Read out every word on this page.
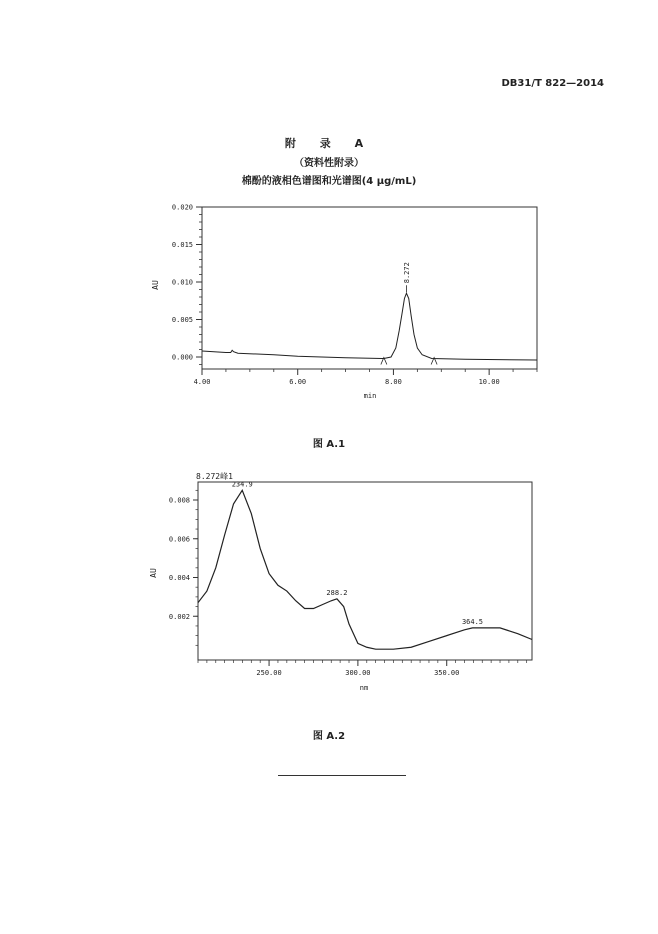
DB31/T 822—2014
附 录 A
（资料性附录）
棉酚的液相色谱图和光谱图(4 μg/mL)
0.000
0.005
0.010
0.015
0.020
4.00	6.00	8.00	10.00
AU
min
8.272
图 A.1
8.272峰1
0.002
0.004
0.006
0.008
250.00	300.00	350.00
AU
nm
234.9
288.2
364.5
图 A.2
